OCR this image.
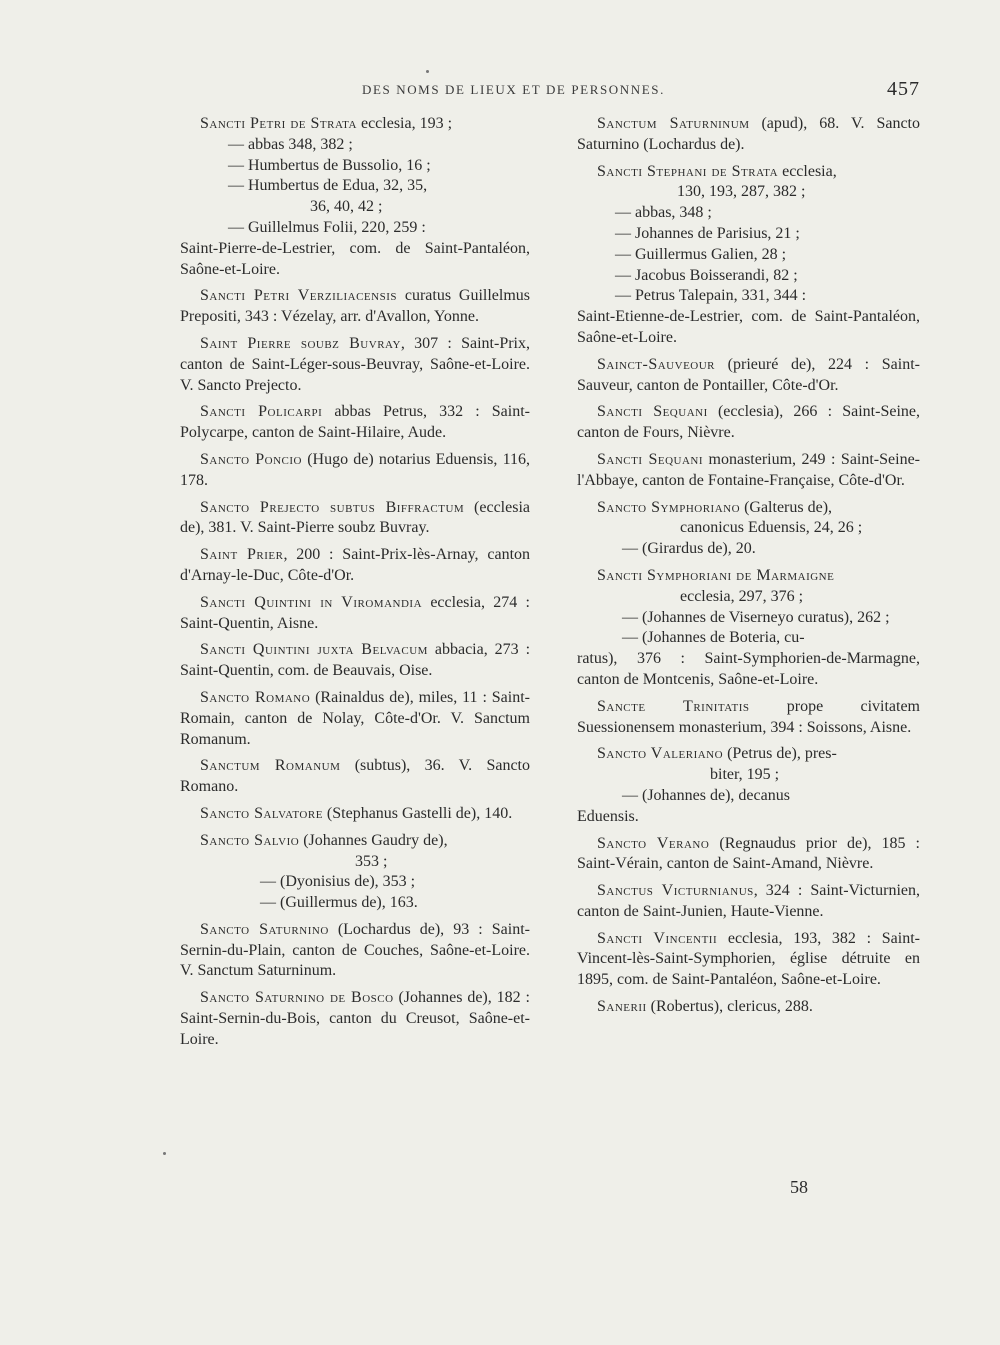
DES NOMS DE LIEUX ET DE PERSONNES.	457

Sancti Petri de Strata ecclesia, 193 ;

— abbas 348, 382 ;

— Humbertus de Bussolio, 16 ;

— Humbertus de Edua, 32, 35,

36, 40, 42 ;

— Guillelmus Folii, 220, 259 :

Saint-Pierre-de-Lestrier, com. de Saint-Pantaléon, Saône-et-Loire.

Sancti Petri Verziliacensis curatus Guillelmus Prepositi, 343 : Vézelay, arr. d'Avallon, Yonne.

Saint Pierre soubz Buvray, 307 : Saint-Prix, canton de Saint-Léger-sous-Beuvray, Saône-et-Loire. V. Sancto Prejecto.

Sancti Policarpi abbas Petrus, 332 : Saint-Polycarpe, canton de Saint-Hilaire, Aude.

Sancto Poncio (Hugo de) notarius Eduensis, 116, 178.

Sancto Prejecto subtus Biffractum (ecclesia de), 381. V. Saint-Pierre soubz Buvray.

Saint Prier, 200 : Saint-Prix-lès-Arnay, canton d'Arnay-le-Duc, Côte-d'Or.

Sancti Quintini in Viromandia ecclesia, 274 : Saint-Quentin, Aisne.

Sancti Quintini juxta Belvacum abbacia, 273 : Saint-Quentin, com. de Beauvais, Oise.

Sancto Romano (Rainaldus de), miles, 11 : Saint-Romain, canton de Nolay, Côte-d'Or. V. Sanctum Romanum.

Sanctum Romanum (subtus), 36. V. Sancto Romano.

Sancto Salvatore (Stephanus Gastelli de), 140.

Sancto Salvio (Johannes Gaudry de),

353 ;

— (Dyonisius de), 353 ;

— (Guillermus de), 163.

Sancto Saturnino (Lochardus de), 93 : Saint-Sernin-du-Plain, canton de Couches, Saône-et-Loire. V. Sanctum Saturninum.

Sancto Saturnino de Bosco (Johannes de), 182 : Saint-Sernin-du-Bois, canton du Creusot, Saône-et-Loire.

Sanctum Saturninum (apud), 68. V. Sancto Saturnino (Lochardus de).

Sancti Stephani de Strata ecclesia,

130, 193, 287, 382 ;

— abbas, 348 ;

— Johannes de Parisius, 21 ;

— Guillermus Galien, 28 ;

— Jacobus Boisserandi, 82 ;

— Petrus Talepain, 331, 344 :

Saint-Etienne-de-Lestrier, com. de Saint-Pantaléon, Saône-et-Loire.

Sainct-Sauveour (prieuré de), 224 : Saint-Sauveur, canton de Pontailler, Côte-d'Or.

Sancti Sequani (ecclesia), 266 : Saint-Seine, canton de Fours, Nièvre.

Sancti Sequani monasterium, 249 : Saint-Seine-l'Abbaye, canton de Fontaine-Française, Côte-d'Or.

Sancto Symphoriano (Galterus de),

canonicus Eduensis, 24, 26 ;

— (Girardus de), 20.

Sancti Symphoriani de Marmaigne

ecclesia, 297, 376 ;

— (Johannes de Viserneyo curatus), 262 ;

— (Johannes de Boteria, cu-

ratus), 376 : Saint-Symphorien-de-Marmagne, canton de Montcenis, Saône-et-Loire.

Sancte Trinitatis prope civitatem Suessionensem monasterium, 394 : Soissons, Aisne.

Sancto Valeriano (Petrus de), pres-

biter, 195 ;

— (Johannes de), decanus

Eduensis.

Sancto Verano (Regnaudus prior de), 185 : Saint-Vérain, canton de Saint-Amand, Nièvre.

Sanctus Victurnianus, 324 : Saint-Victurnien, canton de Saint-Junien, Haute-Vienne.

Sancti Vincentii ecclesia, 193, 382 : Saint-Vincent-lès-Saint-Symphorien, église détruite en 1895, com. de Saint-Pantaléon, Saône-et-Loire.

Sanerii (Robertus), clericus, 288.

58
